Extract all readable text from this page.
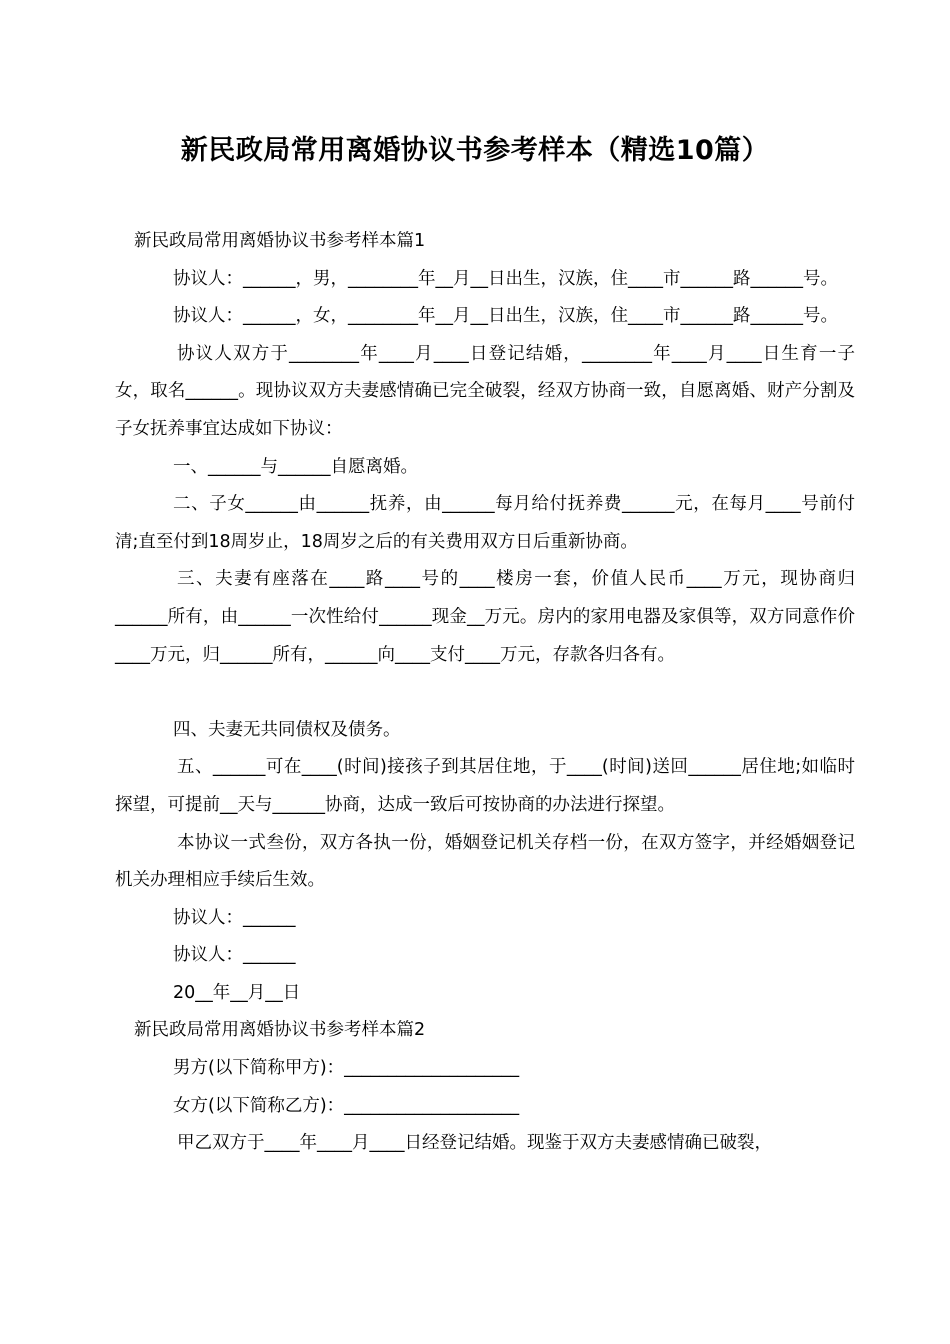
新民政局常用离婚协议书参考样本（精选10篇）

新民政局常用离婚协议书参考样本篇1

协议人：______，男，________年__月__日出生，汉族，住____市______路______号。

协议人：______，女，________年__月__日出生，汉族，住____市______路______号。

协议人双方于________年____月____日登记结婚，________年____月____日生育一子女，取名______。现协议双方夫妻感情确已完全破裂，经双方协商一致，自愿离婚、财产分割及子女抚养事宜达成如下协议：

一、______与______自愿离婚。

二、子女______由______抚养，由______每月给付抚养费______元，在每月____号前付清;直至付到18周岁止，18周岁之后的有关费用双方日后重新协商。

三、夫妻有座落在____路____号的____楼房一套，价值人民币____万元，现协商归______所有，由______一次性给付______现金__万元。房内的家用电器及家俱等，双方同意作价____万元，归______所有，______向____支付____万元，存款各归各有。

四、夫妻无共同债权及债务。

五、______可在____(时间)接孩子到其居住地，于____(时间)送回______居住地;如临时探望，可提前__天与______协商，达成一致后可按协商的办法进行探望。

本协议一式叁份，双方各执一份，婚姻登记机关存档一份，在双方签字，并经婚姻登记机关办理相应手续后生效。

协议人：______

协议人：______

20__年__月__日

新民政局常用离婚协议书参考样本篇2

男方(以下简称甲方)：____________________

女方(以下简称乙方)：____________________

甲乙双方于____年____月____日经登记结婚。现鉴于双方夫妻感情确已破裂，
